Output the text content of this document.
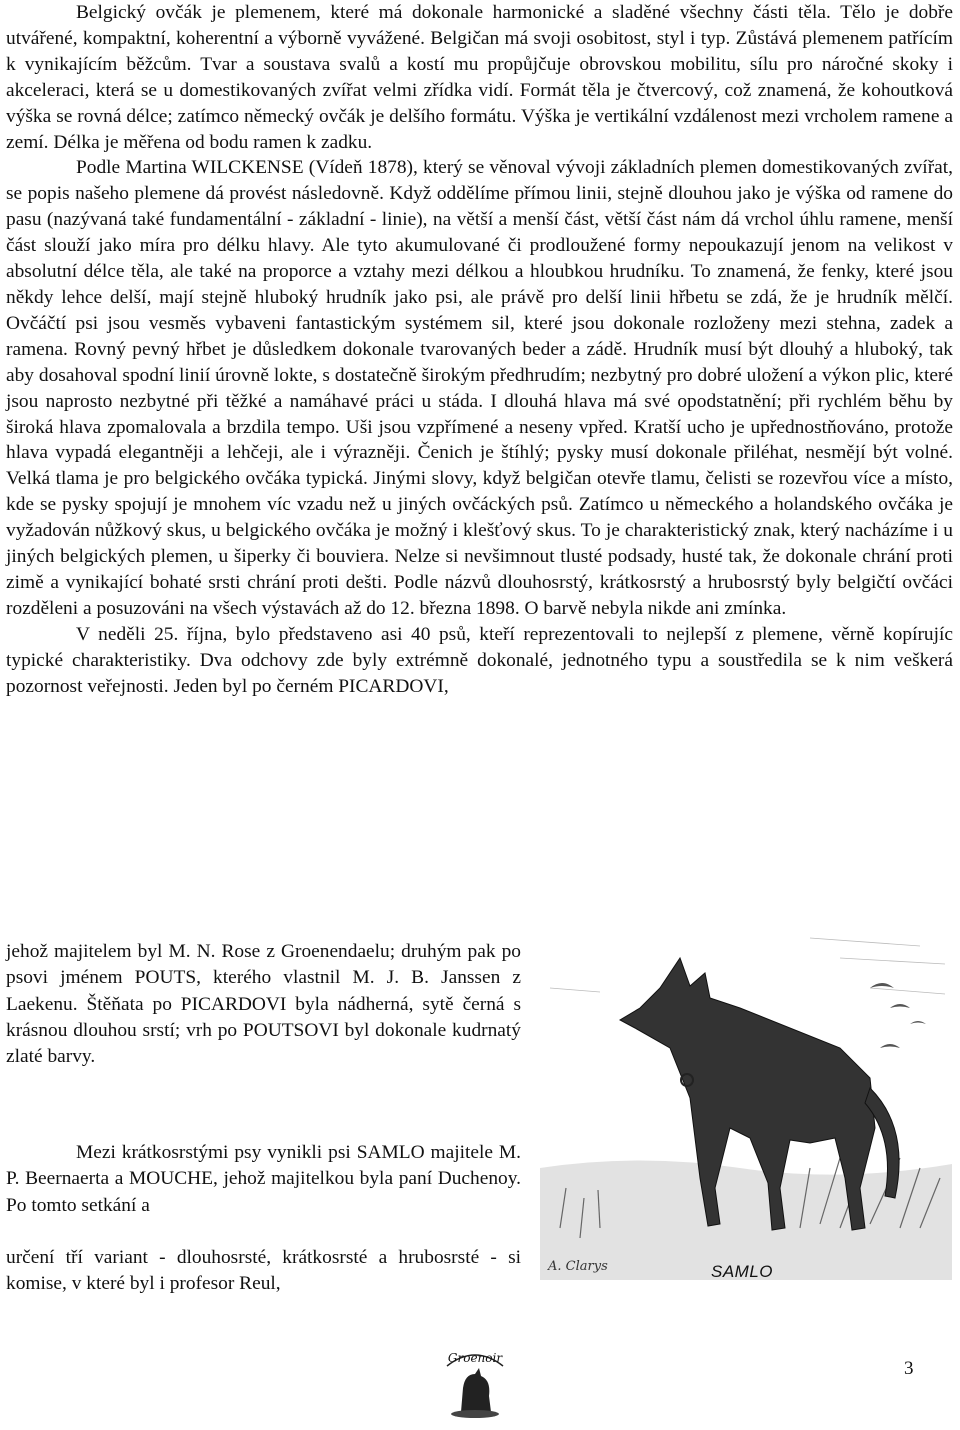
Belgický ovčák je plemenem, které má dokonale harmonické a sladěné všechny části těla. Tělo je dobře utvářené, kompaktní, koherentní a výborně vyvážené. Belgičan má svoji osobitost, styl i typ. Zůstává plemenem patřícím k vynikajícím běžcům. Tvar a soustava svalů a kostí mu propůjčuje obrovskou mobilitu, sílu pro náročné skoky i akceleraci, která se u domestikovaných zvířat velmi zřídka vidí. Formát těla je čtvercový, což znamená, že kohoutková výška se rovná délce; zatímco německý ovčák je delšího formátu. Výška je vertikální vzdálenost mezi vrcholem ramene a zemí. Délka je měřena od bodu ramen k zadku.

Podle Martina WILCKENSE (Vídeň 1878), který se věnoval vývoji základních plemen domestikovaných zvířat, se popis našeho plemene dá provést následovně. Když oddělíme přímou linii, stejně dlouhou jako je výška od ramene do pasu (nazývaná také fundamentální - základní - linie), na větší a menší část, větší část nám dá vrchol úhlu ramene, menší část slouží jako míra pro délku hlavy. Ale tyto akumulované či prodloužené formy nepoukazují jenom na velikost v absolutní délce těla, ale také na proporce a vztahy mezi délkou a hloubkou hrudníku. To znamená, že fenky, které jsou někdy lehce delší, mají stejně hluboký hrudník jako psi, ale právě pro delší linii hřbetu se zdá, že je hrudník mělčí. Ovčáčtí psi jsou vesměs vybaveni fantastickým systémem sil, které jsou dokonale rozloženy mezi stehna, zadek a ramena. Rovný pevný hřbet je důsledkem dokonale tvarovaných beder a zádě. Hrudník musí být dlouhý a hluboký, tak aby dosahoval spodní linií úrovně lokte, s dostatečně širokým předhrudím; nezbytný pro dobré uložení a výkon plic, které jsou naprosto nezbytné při těžké a namáhavé práci u stáda. I dlouhá hlava má své opodstatnění; při rychlém běhu by široká hlava zpomalovala a brzdila tempo. Uši jsou vzpřímené a neseny vpřed. Kratší ucho je upřednostňováno, protože hlava vypadá elegantněji a lehčeji, ale i výrazněji. Čenich je štíhlý; pysky musí dokonale přiléhat, nesmějí být volné. Velká tlama je pro belgického ovčáka typická. Jinými slovy, když belgičan otevře tlamu, čelisti se rozevřou více a místo, kde se pysky spojují je mnohem víc vzadu než u jiných ovčáckých psů. Zatímco u německého a holandského ovčáka je vyžadován nůžkový skus, u belgického ovčáka je možný i klešťový skus. To je charakteristický znak, který nacházíme i u jiných belgických plemen, u šiperky či bouviera. Nelze si nevšimnout tlusté podsady, husté tak, že dokonale chrání proti zimě a vynikající bohaté srsti chrání proti dešti. Podle názvů dlouhosrstý, krátkosrstý a hrubosrstý byly belgičtí ovčáci rozděleni a posuzováni na všech výstavách až do 12. března 1898. O barvě nebyla nikde ani zmínka.

V neděli 25. října, bylo představeno asi 40 psů, kteří reprezentovali to nejlepší z plemene, věrně kopírujíc typické charakteristiky. Dva odchovy zde byly extrémně dokonalé, jednotného typu a soustředila se k nim veškerá pozornost veřejnosti. Jeden byl po černém PICARDOVI,

jehož majitelem byl M. N. Rose z Groenendaelu; druhým pak po psovi jménem POUTS, kterého vlastnil M. J. B. Janssen z Laekenu. Štěňata po PICARDOVI byla nádherná, sytě černá s krásnou dlouhou srstí; vrh po POUTSOVI byl dokonale kudrnatý zlaté barvy.

Mezi krátkosrstými psy vynikli psi SAMLO majitele M. P. Beernaerta a MOUCHE, jehož majitelkou byla paní Duchenoy. Po tomto setkání a

určení tří variant - dlouhosrsté, krátkosrsté a hrubosrsté - si komise, v které byl i profesor Reul,

A. Clarys	SAMLO
Groenoir	3
